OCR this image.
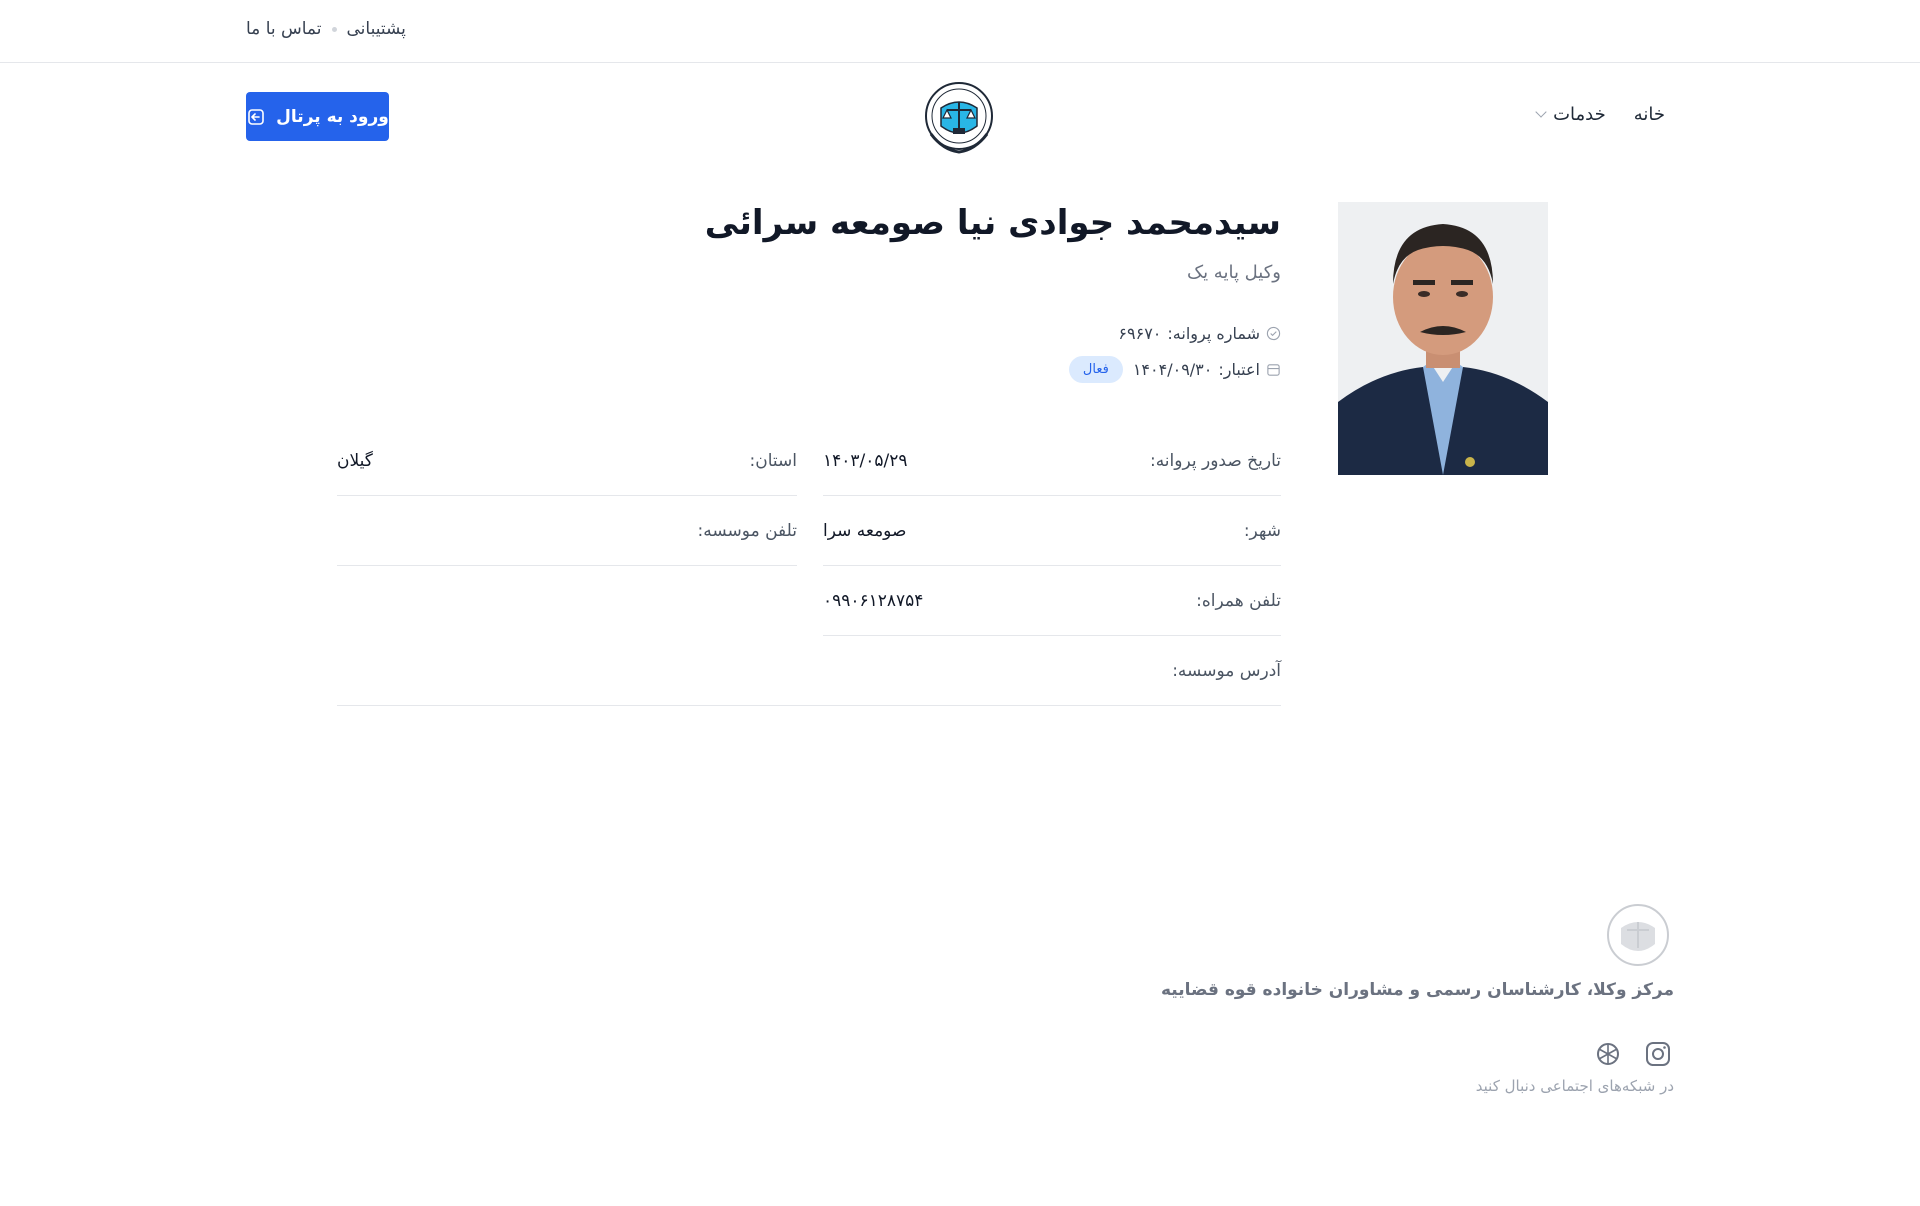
پشتیبانی
تماس با ما
خانه
خدمات
ورود به پرتال
سیدمحمد جوادی نیا صومعه سرائی
وکیل پایه یک
شماره پروانه:
۶۹۶۷۰
اعتبار:
۱۴۰۴/۰۹/۳۰
فعال
تاریخ صدور پروانه:
۱۴۰۳/۰۵/۲۹
استان:
گیلان
شهر:
صومعه سرا
تلفن موسسه:
تلفن همراه:
۰۹۹۰۶۱۲۸۷۵۴
آدرس موسسه:
مرکز وکلا، کارشناسان رسمی و مشاوران خانواده قوه قضاییه
در شبکه‌های اجتماعی دنبال کنید
